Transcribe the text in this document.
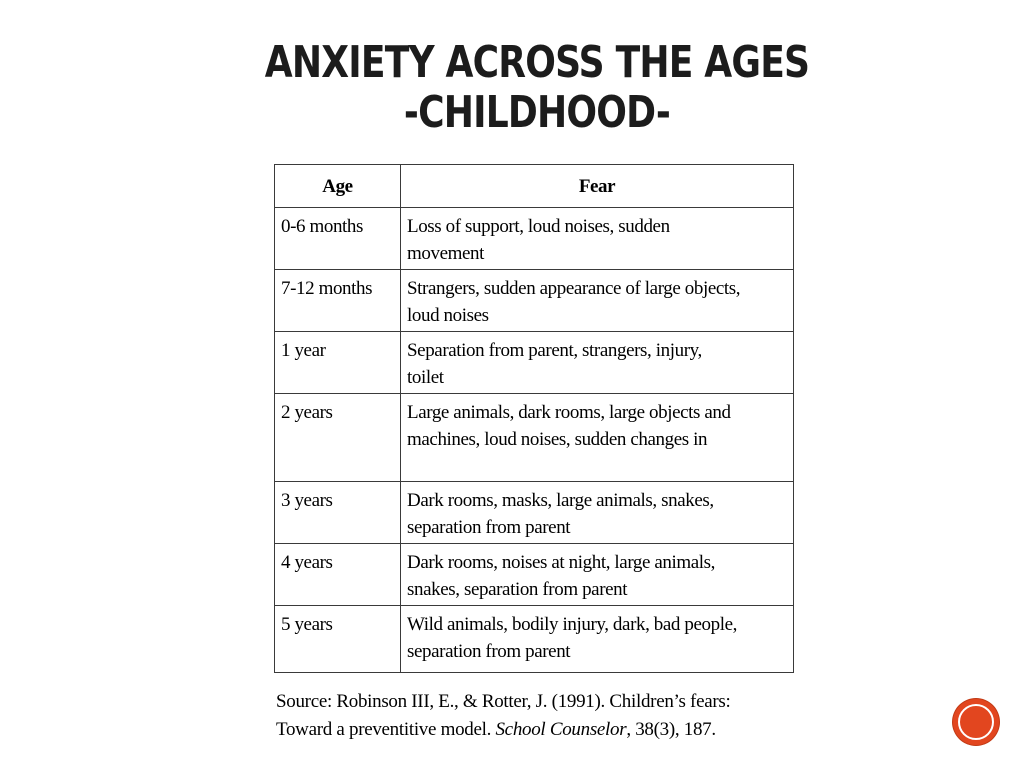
ANXIETY ACROSS THE AGES
-CHILDHOOD-
Age	Fear
0-6 months	Loss of support, loud noises, sudden
movement

7-12 months	Strangers, sudden appearance of large objects,
loud noises

1 year	Separation from parent, strangers, injury,
toilet

2 years	Large animals, dark rooms, large objects and
machines, loud noises, sudden changes in

3 years	Dark rooms, masks, large animals, snakes,
separation from parent

4 years	Dark rooms, noises at night, large animals,
snakes, separation from parent

5 years	Wild animals, bodily injury, dark, bad people,
separation from parent
Source: Robinson III, E., & Rotter, J. (1991). Children’s fears:
Toward a preventitive model. School Counselor, 38(3), 187.
